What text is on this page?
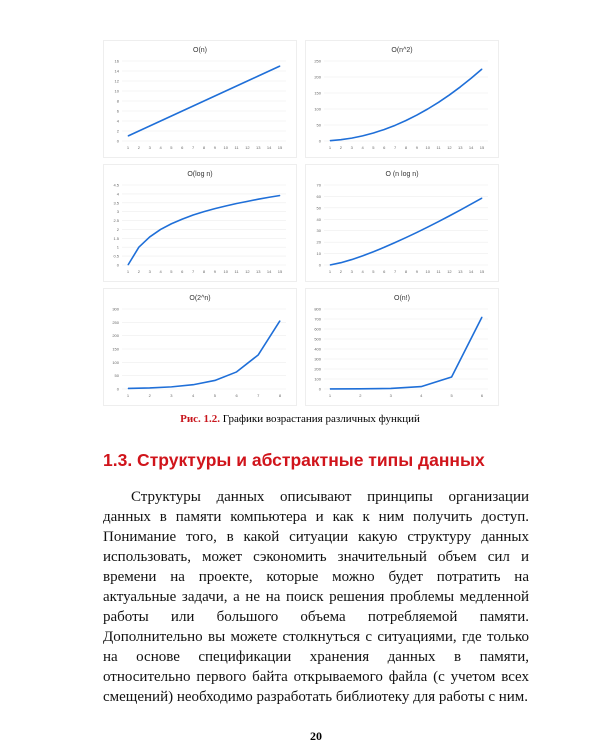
O(n)
0
2
4
6
8
10
12
14
16
1 2 3 4 5 6 7 8 9 10 11 12 13 14 15
O(n^2)
0
50
100
150
200
250
1 2 3 4 5 6 7 8 9 10 11 12 13 14 15
O(log n)
0
0.5
1
1.5
2
2.5
3
3.5
4
4.5
1 2 3 4 5 6 7 8 9 10 11 12 13 14 15
O (n log n)
0
10
20
30
40
50
60
70
1 2 3 4 5 6 7 8 9 10 11 12 13 14 15
O(2^n)
0
50
100
150
200
250
300
1	2	3	4	5	6	7	8
O(n!)
0
100
200
300
400
500
600
700
800
1	2	3	4	5	6
Рис. 1.2. Графики возрастания различных функций
1.3. Структуры и абстрактные типы данных

Структуры данных описывают принципы организации данных в памяти компьютера и как к ним получить доступ. Понимание того, в какой ситуации какую структуру данных использовать, может сэкономить значительный объем сил и времени на проекте, которые можно будет потратить на актуальные задачи, а не на поиск решения проблемы медленной работы или большого объема потребляемой памяти. Дополнительно вы можете столкнуться с ситуациями, где только на основе спецификации хранения данных в памяти, относительно первого байта открываемого файла (с учетом всех смещений) необходимо разработать библиотеку для работы с ним.

20
